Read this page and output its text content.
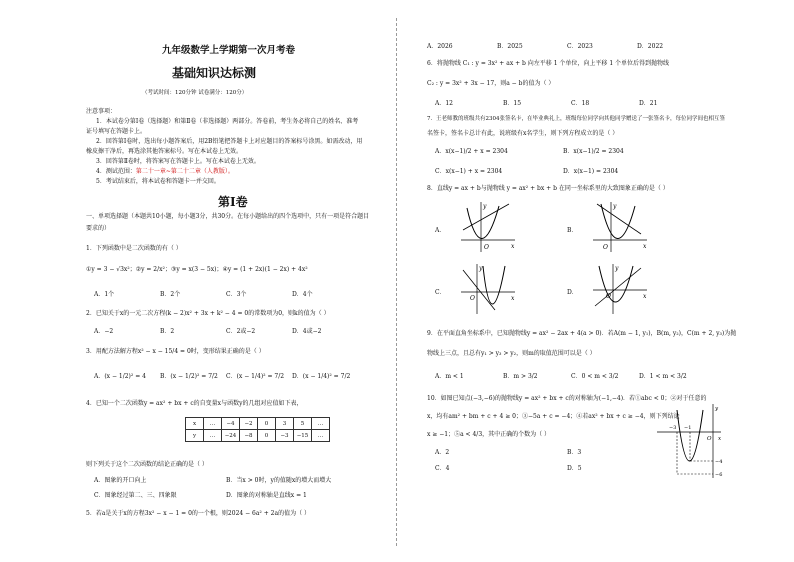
九年级数学上学期第一次月考卷
基础知识达标测
（考试时间：120分钟 试卷满分：120分）
注意事项：
1．本试卷分第Ⅰ卷（选择题）和第Ⅱ卷（非选择题）两部分。答卷前，考生务必将自己的姓名、准考
证号填写在答题卡上。
2．回答第Ⅰ卷时，选出每小题答案后，用2B铅笔把答题卡上对应题目的答案标号涂黑。如需改动，用
橡皮擦干净后，再选涂其他答案标号。写在本试卷上无效。
3．回答第Ⅱ卷时，将答案写在答题卡上。写在本试卷上无效。
4．测试范围：第二十一章~第二十二章（人教版）。
5．考试结束后，将本试卷和答题卡一并交回。
第Ⅰ卷
一、单项选择题（本题共10小题，每小题3分，共30分。在每小题给出的四个选项中，只有一项是符合题目
要求的）
1．下列函数中是二次函数的有（ ）
①y = 3 − √3x²；②y = 2/x²；③y = x(3 − 5x)；④y = (1 + 2x)(1 − 2x) + 4x²
A．1个	B．2个	C．3个	D．4个
2．已知关于x的一元二次方程(k − 2)x² + 3x + k² − 4 = 0的常数项为0，则k的值为（ ）
A．−2	B．2	C．2或−2	D．4或−2
3．用配方法解方程x² − x − 15/4 = 0时，变形结果正确的是（ ）
A．(x − 1/2)² = 4 B．(x − 1/2)² = 7/2 C．(x − 1/4)² = 7/2 D．(x − 1/4)² = 7/2
4．已知一个二次函数y = ax² + bx + c的自变量x与函数y的几组对应值如下表，
x	…	−4	−2	0	3	5	…
y	…	−24	−8	0	−3	−15	…
则下列关于这个二次函数的结论正确的是（ ）
A．图象的开口向上	B．当x > 0时，y的值随x的增大而增大
C．图象经过第二、三、四象限	D．图象的对称轴是直线x = 1
5．若a是关于x的方程3x² − x − 1 = 0的一个根，则2024 − 6a² + 2a的值为（ ）
A．2026	B．2025	C．2023	D．2022
6．将抛物线 C₁ : y = 3x² + ax + b 向左平移 1 个单位，向上平移 1 个单位后得到抛物线
C₂ : y = 3x² + 3x − 17，则a − b的值为（ ）
A．12	B．15	C．18	D．21
7．王老师教的班级共有2304张签名卡，在毕业典礼上，班级每位同学向其他同学赠送了一张签名卡，每位同学间也相互签
名签卡，签名卡总计有此，说班级有x名学生，则下列方程成立的是（ ）
A．x(x−1)/2 + x = 2304	B．x(x−1)/2 = 2304
C．x(x−1) + x = 2304	D．x(x−1) = 2304
8．直线y = ax + b与抛物线 y = ax² + bx + b 在同一坐标系里的大致图象正确的是（ ）
A．
x
y
O
B．
x
y
O
C．
x
y
O
D．
x
y
O
9．在平面直角坐标系中，已知抛物线y = ax² − 2ax + 4(a > 0)．若A(m − 1, y₁)，B(m, y₂)，C(m + 2, y₃)为抛
物线上三点，且总有y₁ > y₃ > y₂，则m的取值范围可以是（ ）
A．m < 1	B．m > 3/2	C．0 < m < 3/2	D．1 < m < 3/2
10．如图已知点(−3,−6)的抛物线y = ax² + bx + c的对称轴为(−1,−4)．若①abc < 0；②对于任意的
x，均有am² + bm + c + 4 ≥ 0；③−5a + c = −4；④若ax² + bx + c ≥ −4，则下列结论
x ≥ −1；⑤a < 4/3，其中正确的个数为（ ）
A．2	B．3
C．4	D．5
x
y
O
−3 −1
−4
−6
